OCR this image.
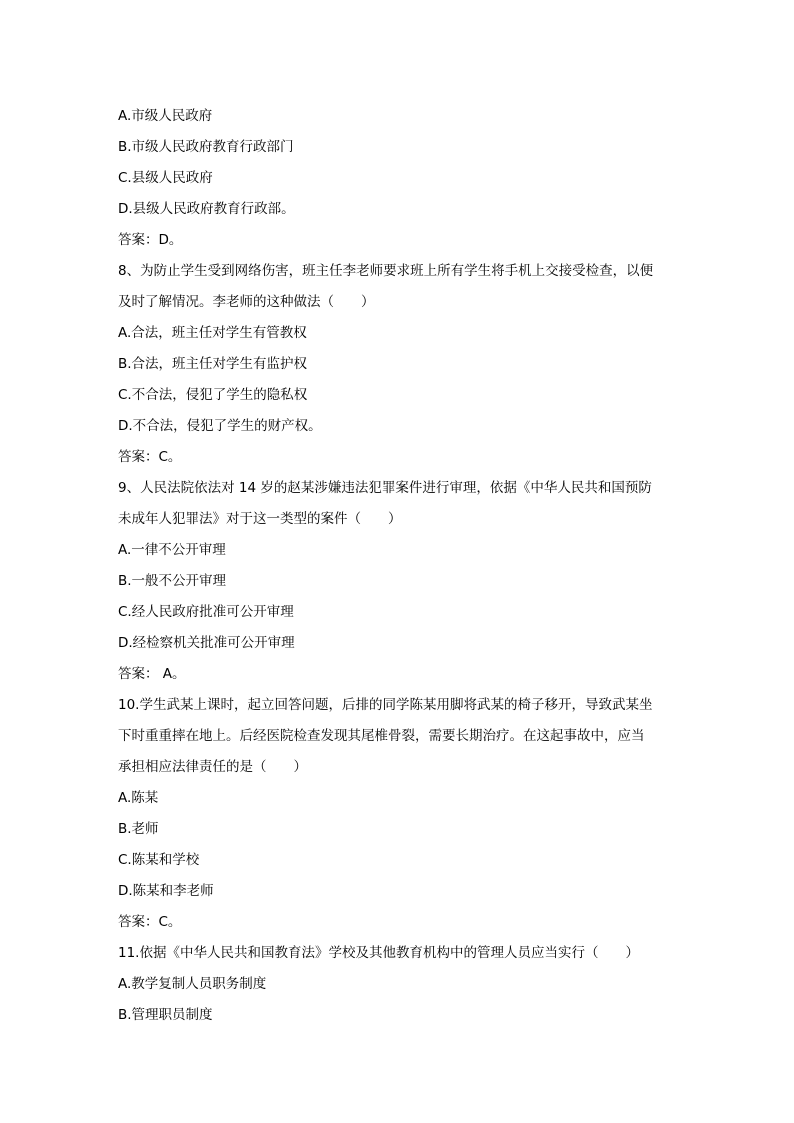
A.市级人民政府
B.市级人民政府教育行政部门
C.县级人民政府
D.县级人民政府教育行政部。
答案：D。
8、为防止学生受到网络伤害，班主任李老师要求班上所有学生将手机上交接受检查，以便
及时了解情况。李老师的这种做法（　　）
A.合法，班主任对学生有管教权
B.合法，班主任对学生有监护权
C.不合法，侵犯了学生的隐私权
D.不合法，侵犯了学生的财产权。
答案：C。
9、人民法院依法对 14 岁的赵某涉嫌违法犯罪案件进行审理，依据《中华人民共和国预防
未成年人犯罪法》对于这一类型的案件（　　）
A.一律不公开审理
B.一般不公开审理
C.经人民政府批准可公开审理
D.经检察机关批准可公开审理
答案： A。
10.学生武某上课时，起立回答问题，后排的同学陈某用脚将武某的椅子移开，导致武某坐
下时重重摔在地上。后经医院检查发现其尾椎骨裂，需要长期治疗。在这起事故中，应当
承担相应法律责任的是（　　）
A.陈某
B.老师
C.陈某和学校
D.陈某和李老师
答案：C。
11.依据《中华人民共和国教育法》学校及其他教育机构中的管理人员应当实行（　　）
A.教学复制人员职务制度
B.管理职员制度
